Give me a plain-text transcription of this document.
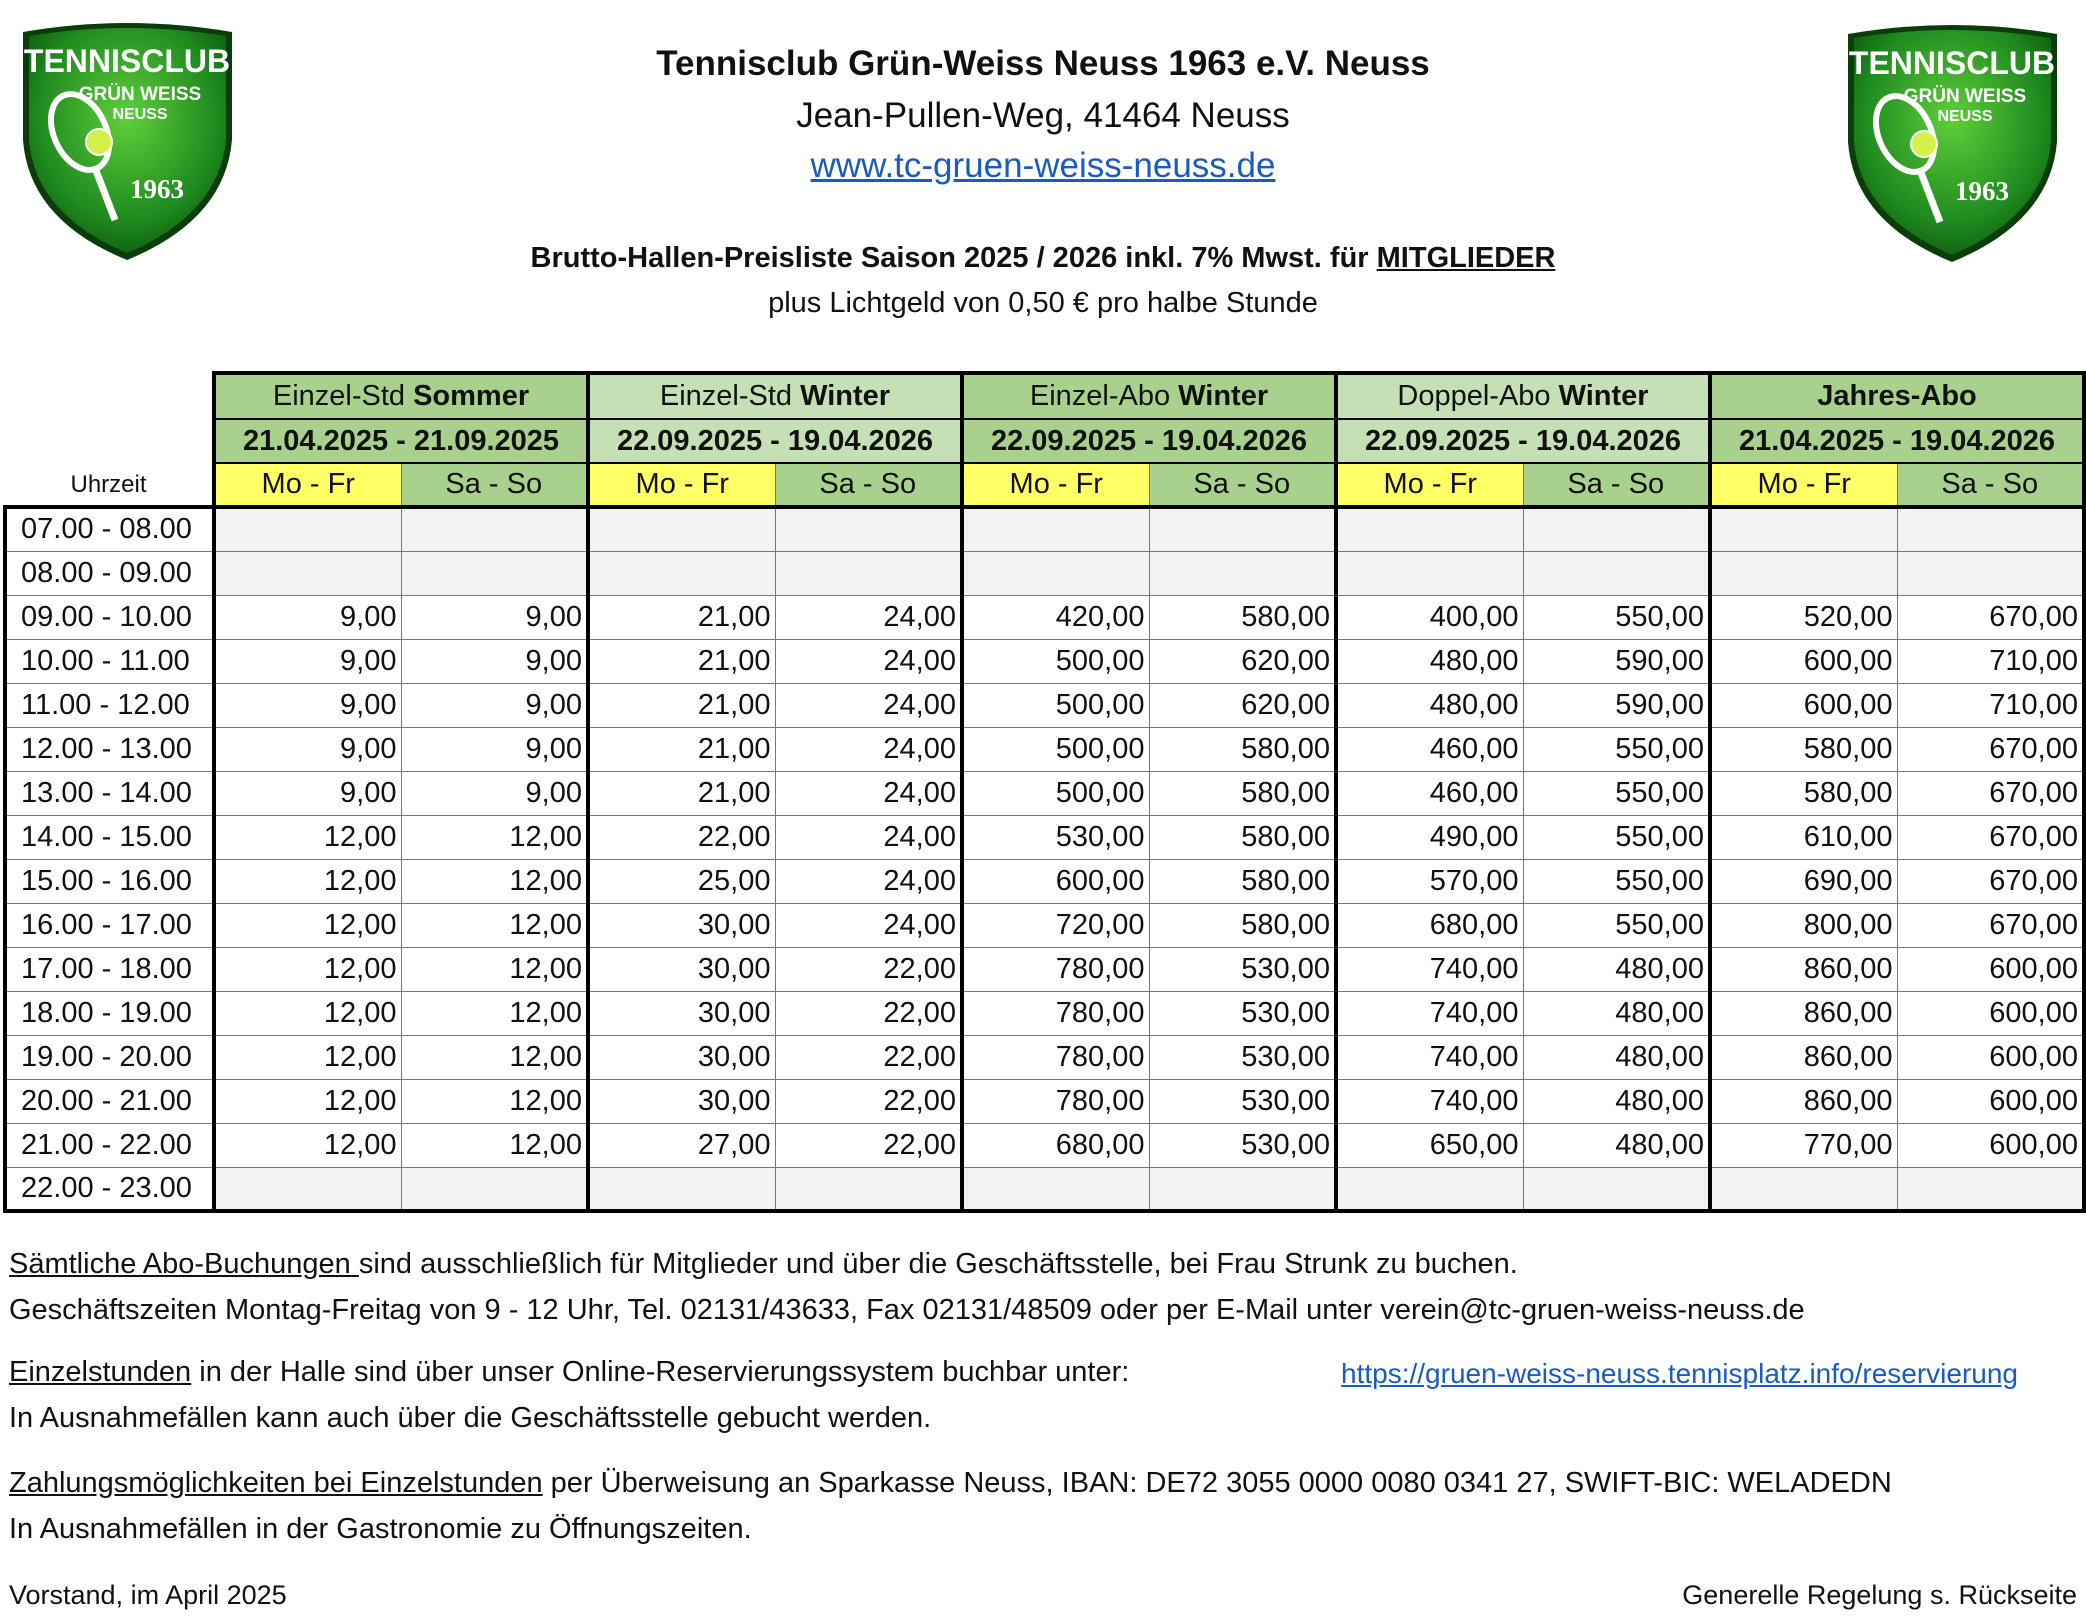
TENNISCLUB
GRÜN WEISS
NEUSS
1963
TENNISCLUB
GRÜN WEISS
NEUSS
1963
Tennisclub Grün-Weiss Neuss 1963 e.V. Neuss
Jean-Pullen-Weg, 41464 Neuss
www.tc-gruen-weiss-neuss.de
Brutto-Hallen-Preisliste Saison 2025 / 2026 inkl. 7% Mwst. für MITGLIEDER
plus Lichtgeld von 0,50 € pro halbe Stunde
	Einzel-Std Sommer		Einzel-Std Winter		Einzel-Abo Winter		Doppel-Abo Winter		Jahres-Abo	
	21.04.2025 - 21.09.2025		22.09.2025 - 19.04.2026		22.09.2025 - 19.04.2026		22.09.2025 - 19.04.2026		21.04.2025 - 19.04.2026	
Uhrzeit	Mo - Fr	Sa - So	Mo - Fr	Sa - So	Mo - Fr	Sa - So	Mo - Fr	Sa - So	Mo - Fr	Sa - So
07.00 - 08.00										
08.00 - 09.00										
09.00 - 10.00	9,00	9,00	21,00	24,00	420,00	580,00	400,00	550,00	520,00	670,00
10.00 - 11.00	9,00	9,00	21,00	24,00	500,00	620,00	480,00	590,00	600,00	710,00
11.00 - 12.00	9,00	9,00	21,00	24,00	500,00	620,00	480,00	590,00	600,00	710,00
12.00 - 13.00	9,00	9,00	21,00	24,00	500,00	580,00	460,00	550,00	580,00	670,00
13.00 - 14.00	9,00	9,00	21,00	24,00	500,00	580,00	460,00	550,00	580,00	670,00
14.00 - 15.00	12,00	12,00	22,00	24,00	530,00	580,00	490,00	550,00	610,00	670,00
15.00 - 16.00	12,00	12,00	25,00	24,00	600,00	580,00	570,00	550,00	690,00	670,00
16.00 - 17.00	12,00	12,00	30,00	24,00	720,00	580,00	680,00	550,00	800,00	670,00
17.00 - 18.00	12,00	12,00	30,00	22,00	780,00	530,00	740,00	480,00	860,00	600,00
18.00 - 19.00	12,00	12,00	30,00	22,00	780,00	530,00	740,00	480,00	860,00	600,00
19.00 - 20.00	12,00	12,00	30,00	22,00	780,00	530,00	740,00	480,00	860,00	600,00
20.00 - 21.00	12,00	12,00	30,00	22,00	780,00	530,00	740,00	480,00	860,00	600,00
21.00 - 22.00	12,00	12,00	27,00	22,00	680,00	530,00	650,00	480,00	770,00	600,00
22.00 - 23.00										
Sämtliche Abo-Buchungen sind ausschließlich für Mitglieder und über die Geschäftsstelle, bei Frau Strunk zu buchen.
Geschäftszeiten Montag-Freitag von 9 - 12 Uhr, Tel. 02131/43633, Fax 02131/48509 oder per E-Mail unter verein@tc-gruen-weiss-neuss.de
Einzelstunden in der Halle sind über unser Online-Reservierungssystem buchbar unter:	https://gruen-weiss-neuss.tennisplatz.info/reservierung
In Ausnahmefällen kann auch über die Geschäftsstelle gebucht werden.
Zahlungsmöglichkeiten bei Einzelstunden per Überweisung an Sparkasse Neuss, IBAN: DE72 3055 0000 0080 0341 27, SWIFT-BIC: WELADEDN
In Ausnahmefällen in der Gastronomie zu Öffnungszeiten.
Vorstand, im April 2025	Generelle Regelung s. Rückseite
